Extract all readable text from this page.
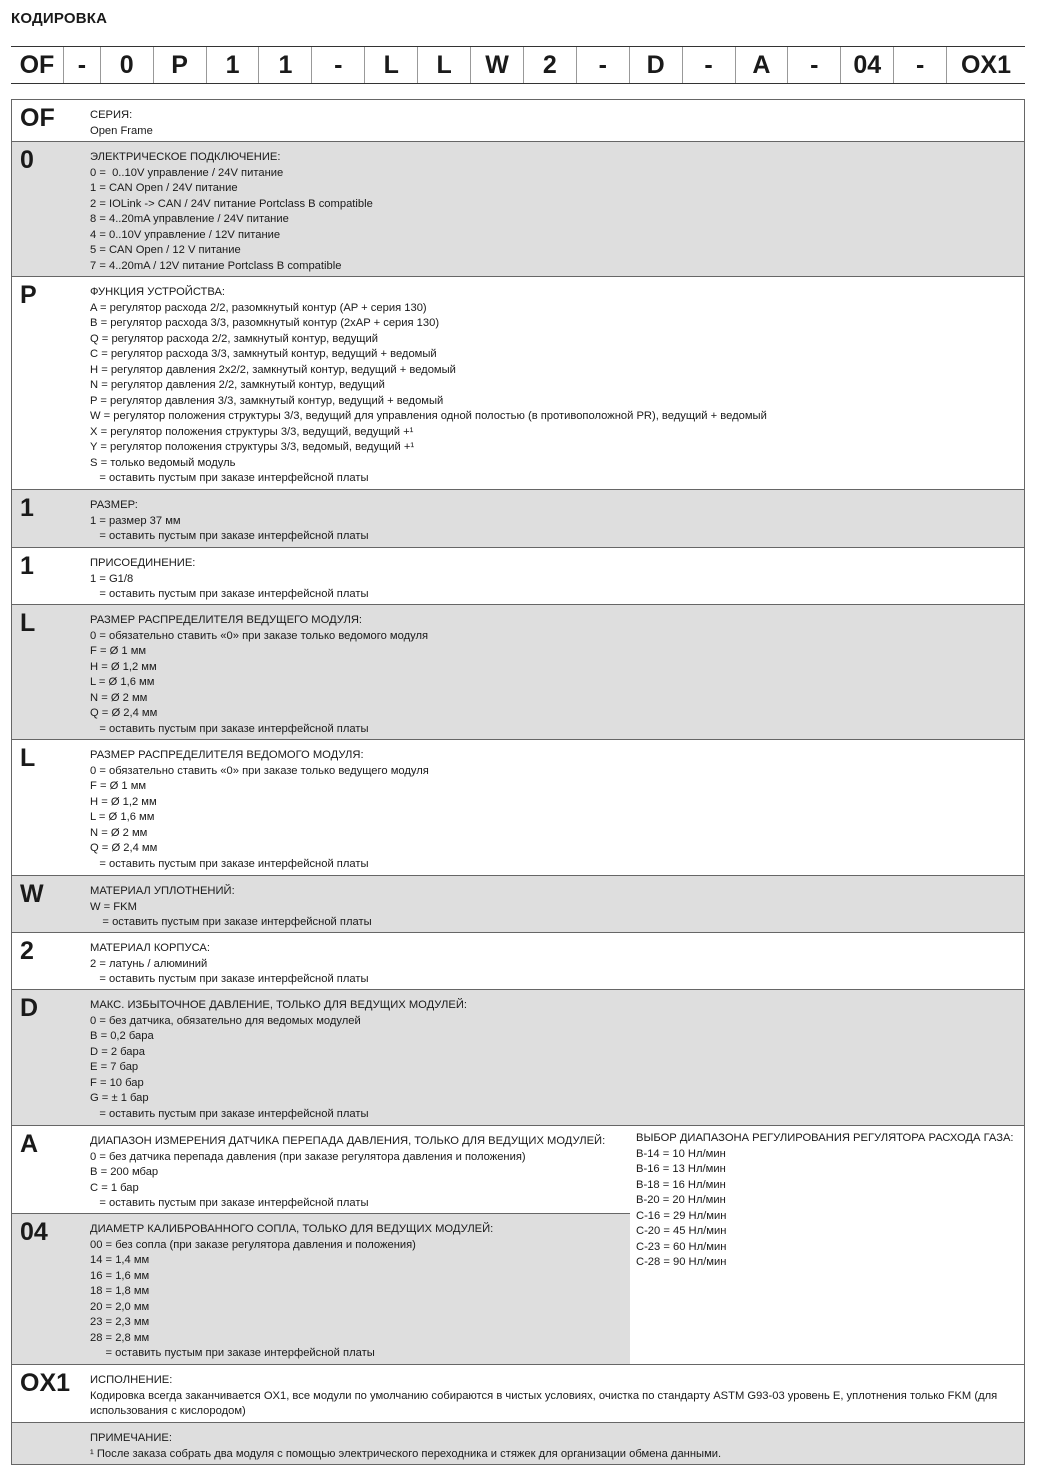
КОДИРОВКА
OF -	0	P	1	1	-	L	L	W	2	-	D	-	A	-	04	-	OX1
OF	СЕРИЯ:
Open Frame
0	ЭЛЕКТРИЧЕСКОЕ ПОДКЛЮЧЕНИЕ:
0 =  0..10V управление / 24V питание
1 = CAN Open / 24V питание
2 = IOLink -> CAN / 24V питание Portclass B compatible
8 = 4..20mA управление / 24V питание
4 = 0..10V управление / 12V питание
5 = CAN Open / 12 V питание
7 = 4..20mA / 12V питание Portclass B compatible
P	ФУНКЦИЯ УСТРОЙСТВА:
A = регулятор расхода 2/2, разомкнутый контур (AP + серия 130)
B = регулятор расхода 3/3, разомкнутый контур (2xAP + серия 130)
Q = регулятор расхода 2/2, замкнутый контур, ведущий
C = регулятор расхода 3/3, замкнутый контур, ведущий + ведомый
H = регулятор давления 2x2/2, замкнутый контур, ведущий + ведомый
N = регулятор давления 2/2, замкнутый контур, ведущий
P = регулятор давления 3/3, замкнутый контур, ведущий + ведомый
W = регулятор положения структуры 3/3, ведущий для управления одной полостью (в противоположной PR), ведущий + ведомый
X = регулятор положения структуры 3/3, ведущий, ведущий +¹
Y = регулятор положения структуры 3/3, ведомый, ведущий +¹
S = только ведомый модуль
= оставить пустым при заказе интерфейсной платы
1	РАЗМЕР:
1 = размер 37 мм
= оставить пустым при заказе интерфейсной платы
1	ПРИСОЕДИНЕНИЕ:
1 = G1/8
= оставить пустым при заказе интерфейсной платы
L	РАЗМЕР РАСПРЕДЕЛИТЕЛЯ ВЕДУЩЕГО МОДУЛЯ:
0 = обязательно ставить «0» при заказе только ведомого модуля
F = Ø 1 мм
H = Ø 1,2 мм
L = Ø 1,6 мм
N = Ø 2 мм
Q = Ø 2,4 мм
= оставить пустым при заказе интерфейсной платы
L	РАЗМЕР РАСПРЕДЕЛИТЕЛЯ ВЕДОМОГО МОДУЛЯ:
0 = обязательно ставить «0» при заказе только ведущего модуля
F = Ø 1 мм
H = Ø 1,2 мм
L = Ø 1,6 мм
N = Ø 2 мм
Q = Ø 2,4 мм
= оставить пустым при заказе интерфейсной платы
W	МАТЕРИАЛ УПЛОТНЕНИЙ:
W = FKM
= оставить пустым при заказе интерфейсной платы
2	МАТЕРИАЛ КОРПУСА:
2 = латунь / алюминий
= оставить пустым при заказе интерфейсной платы
D	МАКС. ИЗБЫТОЧНОЕ ДАВЛЕНИЕ, ТОЛЬКО ДЛЯ ВЕДУЩИХ МОДУЛЕЙ:
0 = без датчика, обязательно для ведомых модулей
B = 0,2 бара
D = 2 бара
E = 7 бар
F = 10 бар
G = ± 1 бар
= оставить пустым при заказе интерфейсной платы
A	ДИАПАЗОН ИЗМЕРЕНИЯ ДАТЧИКА ПЕРЕПАДА ДАВЛЕНИЯ, ТОЛЬКО ДЛЯ ВЕДУЩИХ МОДУЛЕЙ:
0 = без датчика перепада давления (при заказе регулятора давления и положения)
B = 200 мбар
C = 1 бар
= оставить пустым при заказе интерфейсной платы
04	ДИАМЕТР КАЛИБРОВАННОГО СОПЛА, ТОЛЬКО ДЛЯ ВЕДУЩИХ МОДУЛЕЙ:
00 = без сопла (при заказе регулятора давления и положения)
14 = 1,4 мм
16 = 1,6 мм
18 = 1,8 мм
20 = 2,0 мм
23 = 2,3 мм
28 = 2,8 мм
= оставить пустым при заказе интерфейсной платы
OX1 ИСПОЛНЕНИЕ:
Кодировка всегда заканчивается OX1, все модули по умолчанию собираются в чистых условиях, очистка по стандарту ASTM G93-03 уровень E, уплотнения только FKM (для использования с кислородом)
ПРИМЕЧАНИЕ:
¹ После заказа собрать два модуля с помощью электрического переходника и стяжек для организации обмена данными.
ВЫБОР ДИАПАЗОНА РЕГУЛИРОВАНИЯ РЕГУЛЯТОРА РАСХОДА ГАЗА:
B-14 = 10 Нл/мин
B-16 = 13 Нл/мин
B-18 = 16 Нл/мин
B-20 = 20 Нл/мин
C-16 = 29 Нл/мин
C-20 = 45 Нл/мин
C-23 = 60 Нл/мин
C-28 = 90 Нл/мин
